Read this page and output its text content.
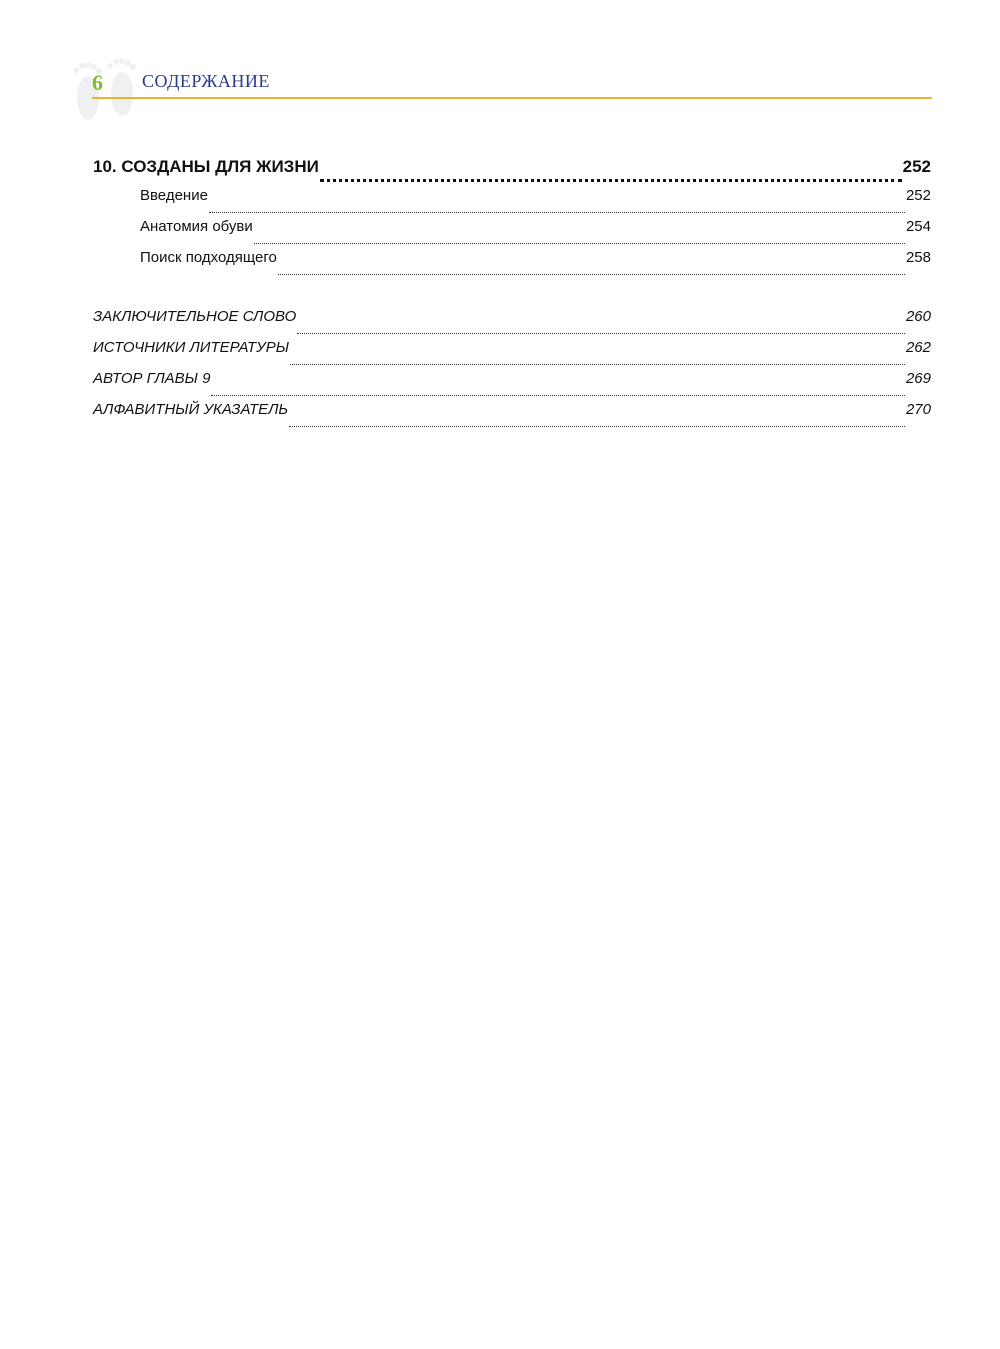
6 СОДЕРЖАНИЕ
10. СОЗДАНЫ ДЛЯ ЖИЗНИ	252
Введение	252
Анатомия обуви	254
Поиск подходящего	258
ЗАКЛЮЧИТЕЛЬНОЕ СЛОВО	260
ИСТОЧНИКИ ЛИТЕРАТУРЫ	262
АВТОР ГЛАВЫ 9	269
АЛФАВИТНЫЙ УКАЗАТЕЛЬ	270
